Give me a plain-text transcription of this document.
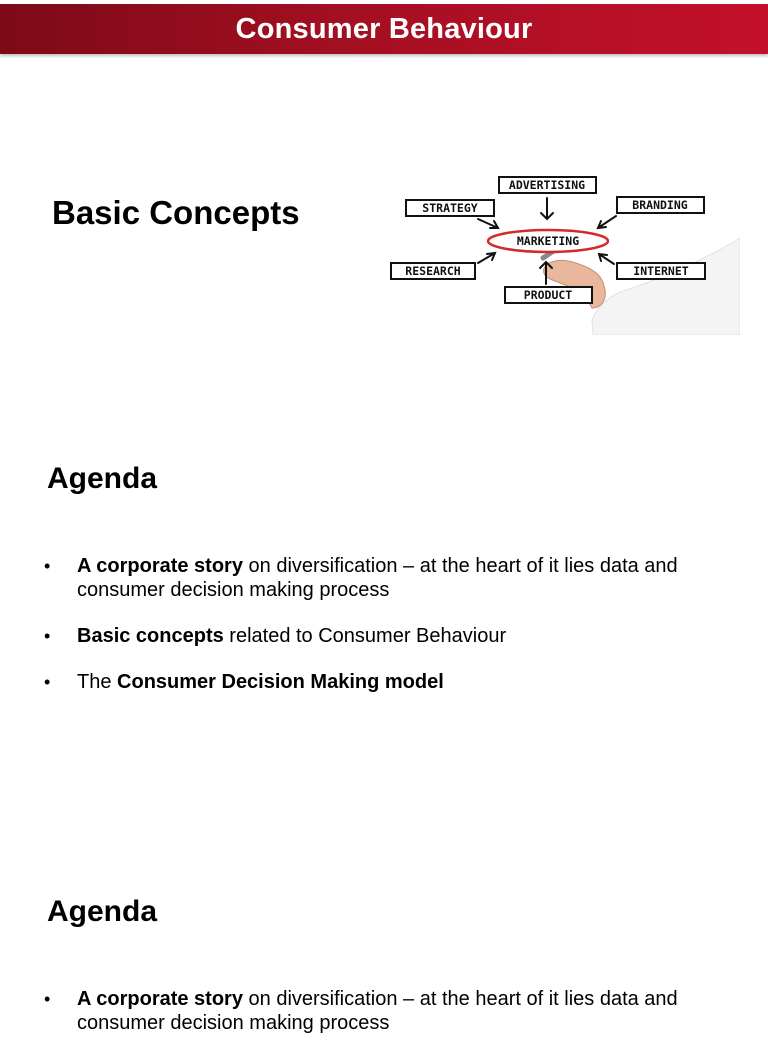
Consumer Behaviour
Basic Concepts
ADVERTISING
STRATEGY	BRANDING
MARKETING
RESEARCH	INTERNET
PRODUCT
Agenda
• A corporate story on diversification – at the heart of it lies data and consumer decision making process
• Basic concepts related to Consumer Behaviour
• The Consumer Decision Making model
Agenda
• A corporate story on diversification – at the heart of it lies data and consumer decision making process
